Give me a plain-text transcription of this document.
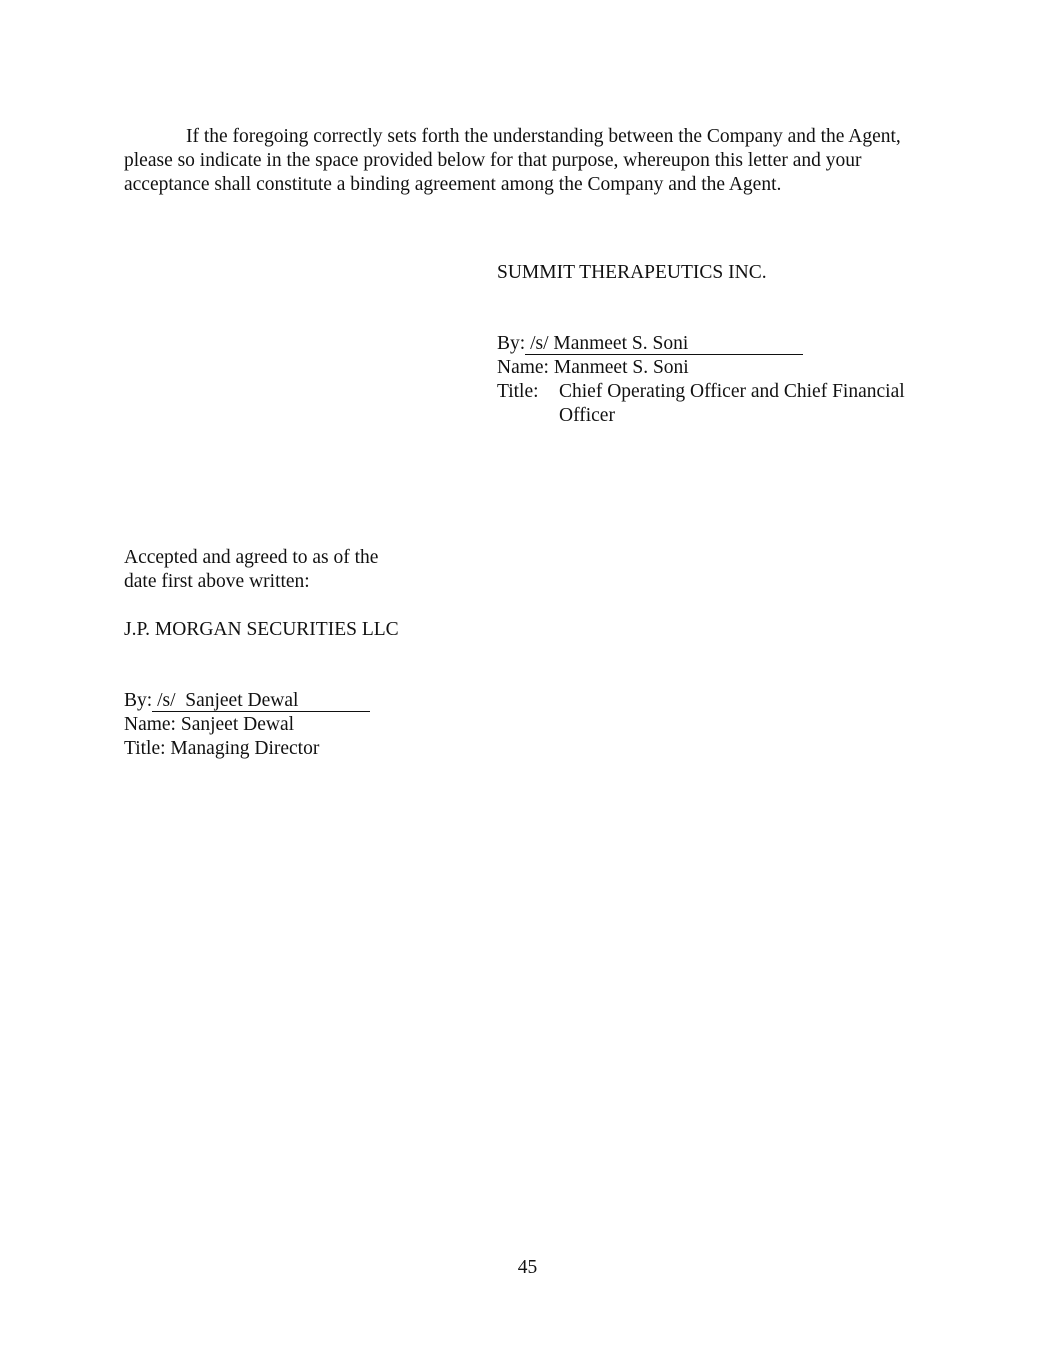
If the foregoing correctly sets forth the understanding between the Company and the Agent, please so indicate in the space provided below for that purpose, whereupon this letter and your acceptance shall constitute a binding agreement among the Company and the Agent.

SUMMIT THERAPEUTICS INC.

By: /s/ Manmeet S. Soni
Name: Manmeet S. Soni
Title:	Chief Operating Officer and Chief Financial Officer
Accepted and agreed to as of the
date first above written:
J.P. MORGAN SECURITIES LLC
By: /s/  Sanjeet Dewal
Name: Sanjeet Dewal
Title: Managing Director
45
